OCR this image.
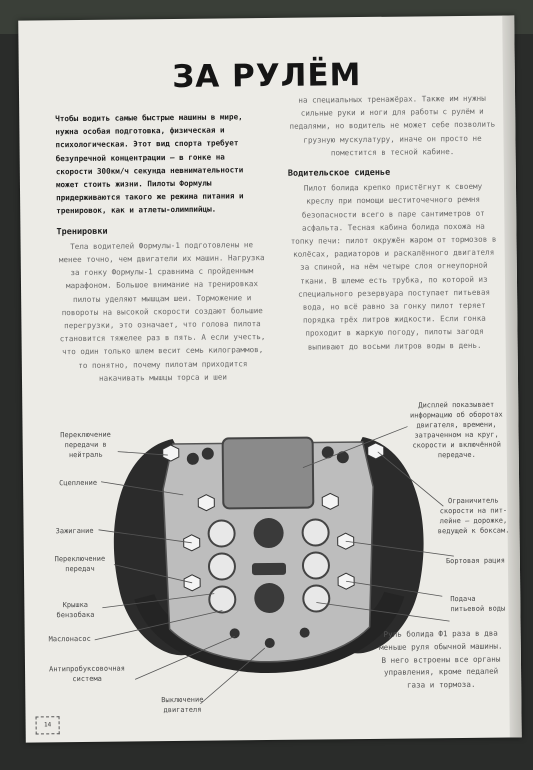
ЗА РУЛЁМ

Чтобы водить самые быстрые машины в мире, нужна особая подготовка, физическая и психологическая. Этот вид спорта требует безупречной концентрации – в гонке на скорости 300км/ч секунда невнимательности может стоить жизни. Пилоты Формулы придерживаются такого же режима питания и тренировок, как и атлеты-олимпийцы.

Тренировки

Тела водителей Формулы-1 подготовлены не менее точно, чем двигатели их машин. Нагрузка за гонку Формулы-1 сравнима с пройденным марафоном. Большое внимание на тренировках пилоты уделяют мышцам шеи. Торможение и повороты на высокой скорости создают большие перегрузки, это означает, что голова пилота становится тяжелее раз в пять. А если учесть, что один только шлем весит семь килограммов, то понятно, почему пилотам приходится накачивать мышцы торса и шеи

на специальных тренажёрах. Также им нужны сильные руки и ноги для работы с рулём и педалями, но водитель не может себе позволить грузную мускулатуру, иначе он просто не поместится в тесной кабине.

Водительское сиденье

Пилот болида крепко пристёгнут к своему креслу при помощи шеститочечного ремня безопасности всего в паре сантиметров от асфальта. Тесная кабина болида похожа на топку печи: пилот окружён жаром от тормозов в колёсах, радиаторов и раскалённого двигателя за спиной, на нём четыре слоя огнеупорной ткани. В шлеме есть трубка, по которой из специального резервуара поступает питьевая вода, но всё равно за гонку пилот теряет порядка трёх литров жидкости. Если гонка проходит в жаркую погоду, пилоты загодя выпивают до восьми литров воды в день.

Переключение передачи в нейтраль
Сцепление
Зажигание
Переключение передач
Крышка бензобака
Маслонасос
Антипробуксовочная система
Выключение двигателя
Дисплей показывает информацию об оборотах двигателя, времени, затраченном на круг, скорости и включённой передаче.
Ограничитель скорости на пит-лейне – дорожке, ведущей к боксам.
Бортовая рация
Подача питьевой воды
Руль болида Ф1 раза в два меньше руля обычной машины. В него встроены все органы управления, кроме педалей газа и тормоза.
14
